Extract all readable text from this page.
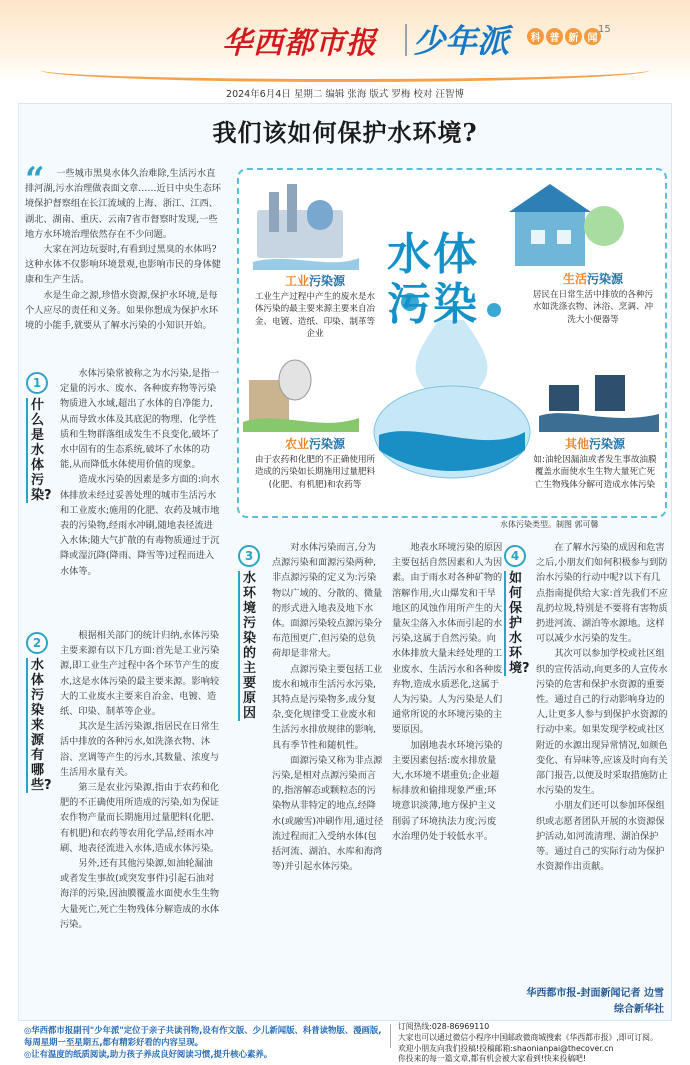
华西都市报 少年派	科 普 新 闻
15
2024年6月4日 星期二 编辑 张海 版式 罗梅 校对 汪智博
我们该如何保护水环境?
“	一些城市黑臭水体久治难除,生活污水直排河湖,污水治理做表面文章……近日中央生态环境保护督察组在长江流域的上海、浙江、江西、湖北、湖南、重庆、云南7省市督察时发现,一些地方水环境治理依然存在不少问题。

大家在河边玩耍时,有看到过黑臭的水体吗?这种水体不仅影响环境景观,也影响市民的身体健康和生产生活。

水是生命之源,珍惜水资源,保护水环境,是每个人应尽的责任和义务。如果你想成为保护水环境的小能手,就要从了解水污染的小知识开始。

1
什么是水体污染?

水体污染常被称之为水污染,是指一定量的污水、废水、各种废弃物等污染物质进入水域,超出了水体的自净能力,从而导致水体及其底泥的物理、化学性质和生物群落组成发生不良变化,破坏了水中固有的生态系统,破坏了水体的功能,从而降低水体使用价值的现象。

造成水污染的因素是多方面的:向水体排放未经过妥善处理的城市生活污水和工业废水;施用的化肥、农药及城市地表的污染物,经雨水冲刷,随地表径流进入水体;随大气扩散的有毒物质通过于沉降或湿沉降(降雨、降雪等)过程而进入水体等。

2
水体污染来源有哪些?

根据相关部门的统计归纳,水体污染主要来源有以下几方面:首先是工业污染源,即工业生产过程中各个环节产生的废水,这是水体污染的最主要来源。影响较大的工业废水主要来自冶金、电镀、造纸、印染、制革等企业。

其次是生活污染源,指居民在日常生活中排放的各种污水,如洗涤衣物、沐浴、烹调等产生的污水,其数量、浓度与生活用水量有关。

第三是农业污染源,指由于农药和化肥的不正确使用所造成的污染,如为保证农作物产量而长期施用过量肥料(化肥、有机肥)和农药等农用化学品,经雨水冲刷、地表径流进入水体,造成水体污染。

另外,还有其他污染源,如油轮漏油或者发生事故(或突发事件)引起石油对海洋的污染,因油膜覆盖水面使水生生物大量死亡,死亡生物残体分解造成的水体污染。

水体
污染
工业污染源
工业生产过程中产生的废水是水体污染的最主要来源主要来自冶金、电镀、造纸、印染、制革等企业
生活污染源
居民在日常生活中排放的各种污水如洗涤衣物、沐浴、烹调、冲洗大小便器等
农业污染源
由于农药和化肥的不正确使用所造成的污染如长期施用过量肥料(化肥、有机肥)和农药等
其他污染源
如:油轮因漏油或者发生事故油膜覆盖水面使水生生物大量死亡死亡生物残体分解可造成水体污染
水体污染类型。制图 郭可馨
3
水环境污染的主要原因

对水体污染而言,分为点源污染和面源污染两种,非点源污染的定义为:污染物以广域的、分散的、微量的形式进入地表及地下水体。面源污染较点源污染分布范围更广,但污染的总负荷却是非常大。

点源污染主要包括工业废水和城市生活污水污染,其特点是污染物多,成分复杂,变化规律受工业废水和生活污水排放规律的影响,具有季节性和随机性。

面源污染又称为非点源污染,是相对点源污染而言的,指溶解态或颗粒态的污染物从非特定的地点,经降水(或融雪)冲刷作用,通过径流过程而汇入受纳水体(包括河流、湖泊、水库和海湾等)并引起水体污染。

地表水环境污染的原因主要包括自然因素和人为因素。由于雨水对各种矿物的溶解作用,火山爆发和干旱地区的风蚀作用所产生的大量灰尘落入水体而引起的水污染,这属于自然污染。向水体排放大量未经处理的工业废水、生活污水和各种废弃物,造成水质恶化,这属于人为污染。人为污染是人们通常所说的水环境污染的主要原因。

加剧地表水环境污染的主要因素包括:废水排放量大,水环境不堪重负;企业超标排放和偷排现象严重;环境意识淡薄,地方保护主义削弱了环境执法力度;污废水治理仍处于较低水平。

4
如何保护水环境?

在了解水污染的成因和危害之后,小朋友们如何积极参与到防治水污染的行动中呢?以下有几点指南提供给大家:首先我们不应乱扔垃圾,特别是不要将有害物质扔进河流、湖泊等水源地。这样可以减少水污染的发生。

其次可以参加学校或社区组织的宣传活动,向更多的人宣传水污染的危害和保护水资源的重要性。通过自己的行动影响身边的人,让更多人参与到保护水资源的行动中来。如果发现学校或社区附近的水源出现异常情况,如颜色变化、有异味等,应该及时向有关部门报告,以便及时采取措施防止水污染的发生。

小朋友们还可以参加环保组织或志愿者团队开展的水资源保护活动,如河流清理、湖泊保护等。通过自己的实际行动为保护水资源作出贡献。

华西都市报-封面新闻记者 边雪
综合新华社
◎华西都市报副刊"少年派"定位于亲子共读刊物,设有作文版、少儿新闻版、科普读物版、漫画版,每周星期一至星期五,都有精彩好看的内容呈现。
◎让有温度的纸质阅读,助力孩子养成良好阅读习惯,提升核心素养。
订阅热线:028-86969110
大家也可以通过微信小程序中国邮政微商城搜索《华西都市报》,即可订阅。
欢迎小朋友向我们投稿!投稿邮箱:shaonianpai@thecover.cn
你投来的每一篇文章,都有机会被大家看到!快来投稿吧!
